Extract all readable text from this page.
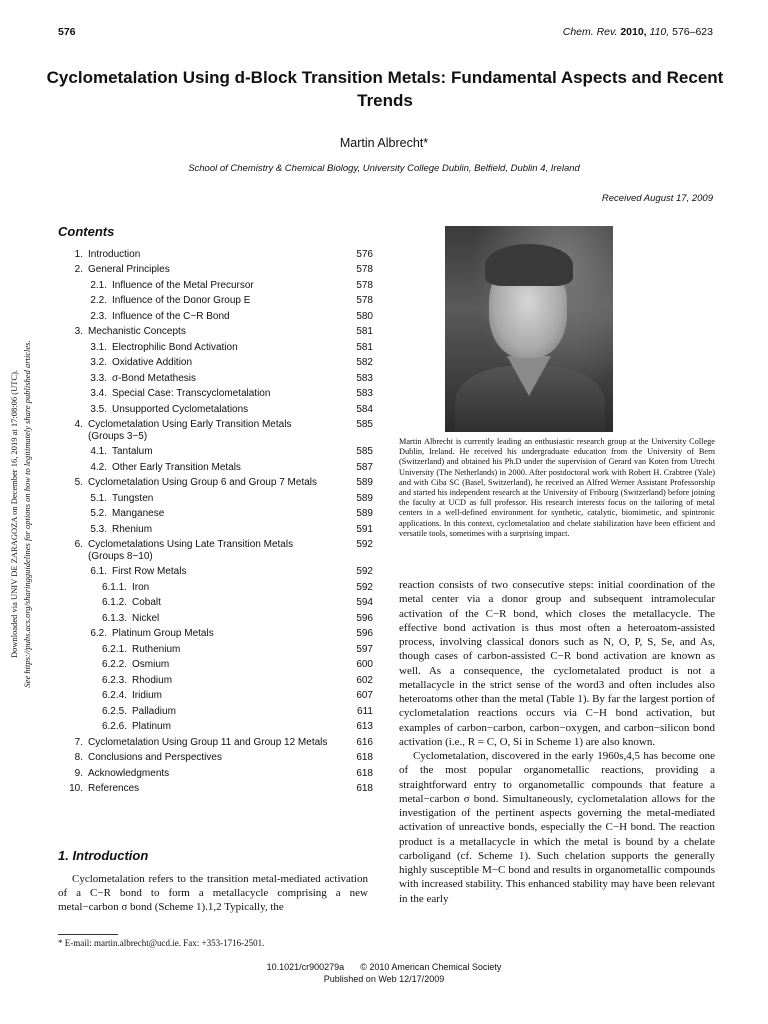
576	Chem. Rev. 2010, 110, 576–623
Cyclometalation Using d-Block Transition Metals: Fundamental Aspects and Recent Trends
Martin Albrecht*
School of Chemistry & Chemical Biology, University College Dublin, Belfield, Dublin 4, Ireland
Received August 17, 2009
Downloaded via UNIV DE ZARAGOZA on December 16, 2019 at 17:08:06 (UTC). See https://pubs.acs.org/sharingguidelines for options on how to legitimately share published articles.
Contents
1. Introduction	576
2. General Principles	578
2.1. Influence of the Metal Precursor	578
2.2. Influence of the Donor Group E	578
2.3. Influence of the C−R Bond	580
3. Mechanistic Concepts	581
3.1. Electrophilic Bond Activation	581
3.2. Oxidative Addition	582
3.3. σ-Bond Metathesis	583
3.4. Special Case: Transcyclometalation	583
3.5. Unsupported Cyclometalations	584
4. Cyclometalation Using Early Transition Metals (Groups 3−5)
585
4.1. Tantalum	585
4.2. Other Early Transition Metals	587
5. Cyclometalation Using Group 6 and Group 7 Metals	589
5.1. Tungsten	589
5.2. Manganese	589
5.3. Rhenium	591
6. Cyclometalations Using Late Transition Metals (Groups 8−10)
592
6.1. First Row Metals	592
6.1.1. Iron	592
6.1.2. Cobalt	594
6.1.3. Nickel	596
6.2. Platinum Group Metals	596
6.2.1. Ruthenium	597
6.2.2. Osmium	600
6.2.3. Rhodium	602
6.2.4. Iridium	607
6.2.5. Palladium	611
6.2.6. Platinum	613
7. Cyclometalation Using Group 11 and Group 12 Metals	616
8. Conclusions and Perspectives	618
9. Acknowledgments	618
10. References	618
1. Introduction
Cyclometalation refers to the transition metal-mediated activation of a C−R bond to form a metallacycle comprising a new metal−carbon σ bond (Scheme 1).1,2 Typically, the
* E-mail: martin.albrecht@ucd.ie. Fax: +353-1716-2501.
Martin Albrecht is currently leading an enthusiastic research group at the University College Dublin, Ireland. He received his undergraduate education from the University of Bern (Switzerland) and obtained his Ph.D under the supervision of Gerard van Koten from Utrecht University (The Netherlands) in 2000. After postdoctoral work with Robert H. Crabtree (Yale) and with Ciba SC (Basel, Switzerland), he received an Alfred Werner Assistant Professorship and started his independent research at the University of Fribourg (Switzerland) before joining the faculty at UCD as full professor. His research interests focus on the tailoring of metal centers in a well-defined environment for synthetic, catalytic, biomimetic, and spintronic applications. In this context, cyclometalation and chelate stabilization have been efficient and versatile tools, sometimes with a surprising impact.

reaction consists of two consecutive steps: initial coordination of the metal center via a donor group and subsequent intramolecular activation of the C−R bond, which closes the metallacycle. The effective bond activation is thus most often a heteroatom-assisted process, involving classical donors such as N, O, P, S, Se, and As, though cases of carbon-assisted C−R bond activation are known as well. As a consequence, the cyclometalated product is not a metallacycle in the strict sense of the word3 and often includes also heteroatoms other than the metal (Table 1). By far the largest portion of cyclometalation reactions occurs via C−H bond activation, but examples of carbon−carbon, carbon−oxygen, and carbon−silicon bond activation (i.e., R = C, O, Si in Scheme 1) are also known.

Cyclometalation, discovered in the early 1960s,4,5 has become one of the most popular organometallic reactions, providing a straightforward entry to organometallic compounds that feature a metal−carbon σ bond. Simultaneously, cyclometalation allows for the investigation of the pertinent aspects governing the metal-mediated activation of unreactive bonds, especially the C−H bond. The reaction product is a metallacycle in which the metal is bound by a chelate carboligand (cf. Scheme 1). Such chelation supports the generally highly susceptible M−C bond and results in organometallic compounds with increased stability. This enhanced stability may have been relevant in the early

10.1021/cr900279a © 2010 American Chemical Society
Published on Web 12/17/2009
